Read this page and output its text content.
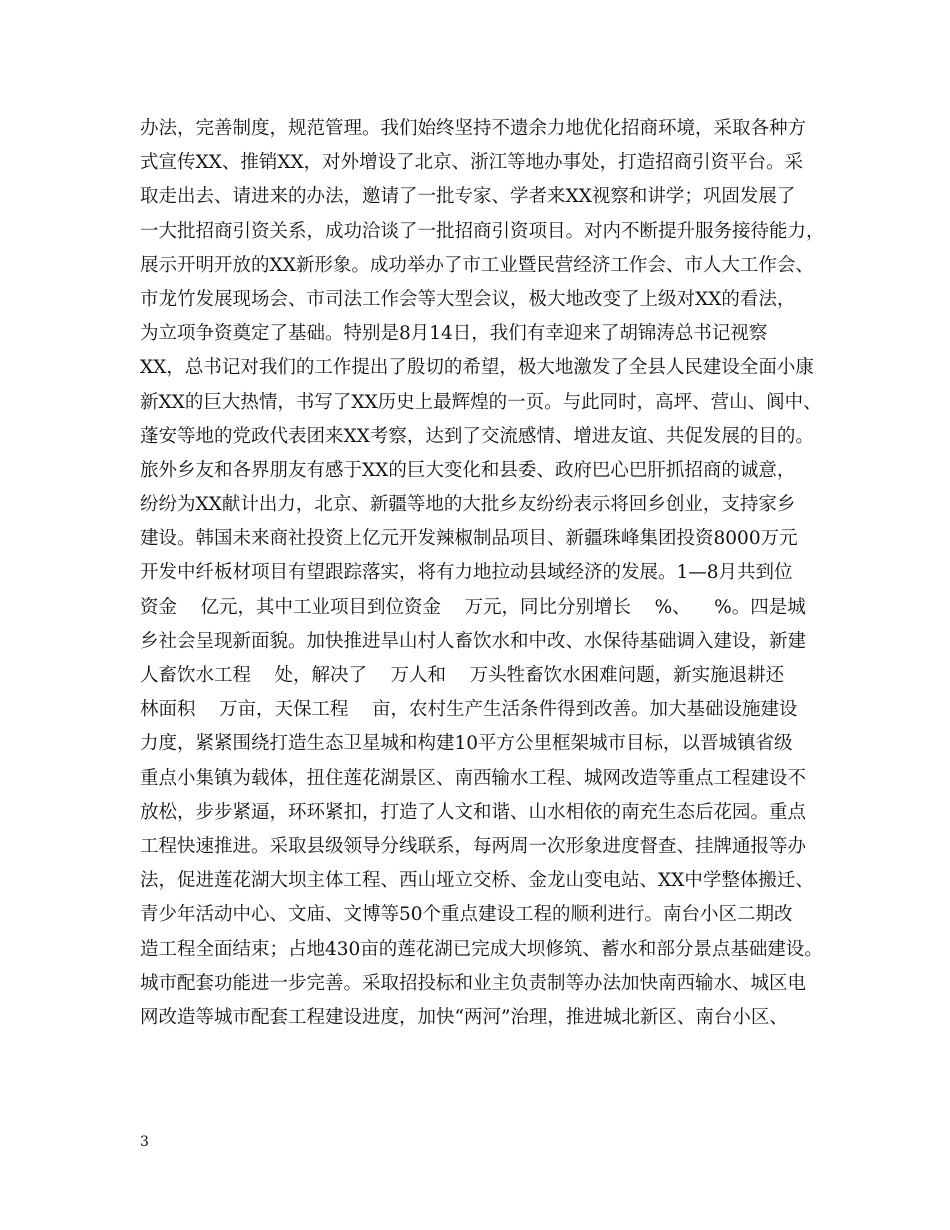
办法，完善制度，规范管理。我们始终坚持不遗余力地优化招商环境，采取各种方
式宣传XX、推销XX，对外增设了北京、浙江等地办事处，打造招商引资平台。采
取走出去、请进来的办法，邀请了一批专家、学者来XX视察和讲学；巩固发展了
一大批招商引资关系，成功洽谈了一批招商引资项目。对内不断提升服务接待能力，
展示开明开放的XX新形象。成功举办了市工业暨民营经济工作会、市人大工作会、
市龙竹发展现场会、市司法工作会等大型会议，极大地改变了上级对XX的看法，
为立项争资奠定了基础。特别是8月14日，我们有幸迎来了胡锦涛总书记视察
XX，总书记对我们的工作提出了殷切的希望，极大地激发了全县人民建设全面小康
新XX的巨大热情，书写了XX历史上最辉煌的一页。与此同时，高坪、营山、阆中、
蓬安等地的党政代表团来XX考察，达到了交流感情、增进友谊、共促发展的目的。
旅外乡友和各界朋友有感于XX的巨大变化和县委、政府巴心巴肝抓招商的诚意，
纷纷为XX献计出力，北京、新疆等地的大批乡友纷纷表示将回乡创业，支持家乡
建设。韩国未来商社投资上亿元开发辣椒制品项目、新疆珠峰集团投资8000万元
开发中纤板材项目有望跟踪落实，将有力地拉动县域经济的发展。1—8月共到位
资金    亿元，其中工业项目到位资金    万元，同比分别增长    %、    %。四是城
乡社会呈现新面貌。加快推进旱山村人畜饮水和中改、水保待基础调入建设，新建
人畜饮水工程    处，解决了    万人和    万头牲畜饮水困难问题，新实施退耕还
林面积    万亩，天保工程    亩，农村生产生活条件得到改善。加大基础设施建设
力度，紧紧围绕打造生态卫星城和构建10平方公里框架城市目标，以晋城镇省级
重点小集镇为载体，扭住莲花湖景区、南西输水工程、城网改造等重点工程建设不
放松，步步紧逼，环环紧扣，打造了人文和谐、山水相依的南充生态后花园。重点
工程快速推进。采取县级领导分线联系，每两周一次形象进度督查、挂牌通报等办
法，促进莲花湖大坝主体工程、西山垭立交桥、金龙山变电站、XX中学整体搬迁、
青少年活动中心、文庙、文博等50个重点建设工程的顺利进行。南台小区二期改
造工程全面结束；占地430亩的莲花湖已完成大坝修筑、蓄水和部分景点基础建设。
城市配套功能进一步完善。采取招投标和业主负责制等办法加快南西输水、城区电
网改造等城市配套工程建设进度，加快“两河”治理，推进城北新区、南台小区、
3
